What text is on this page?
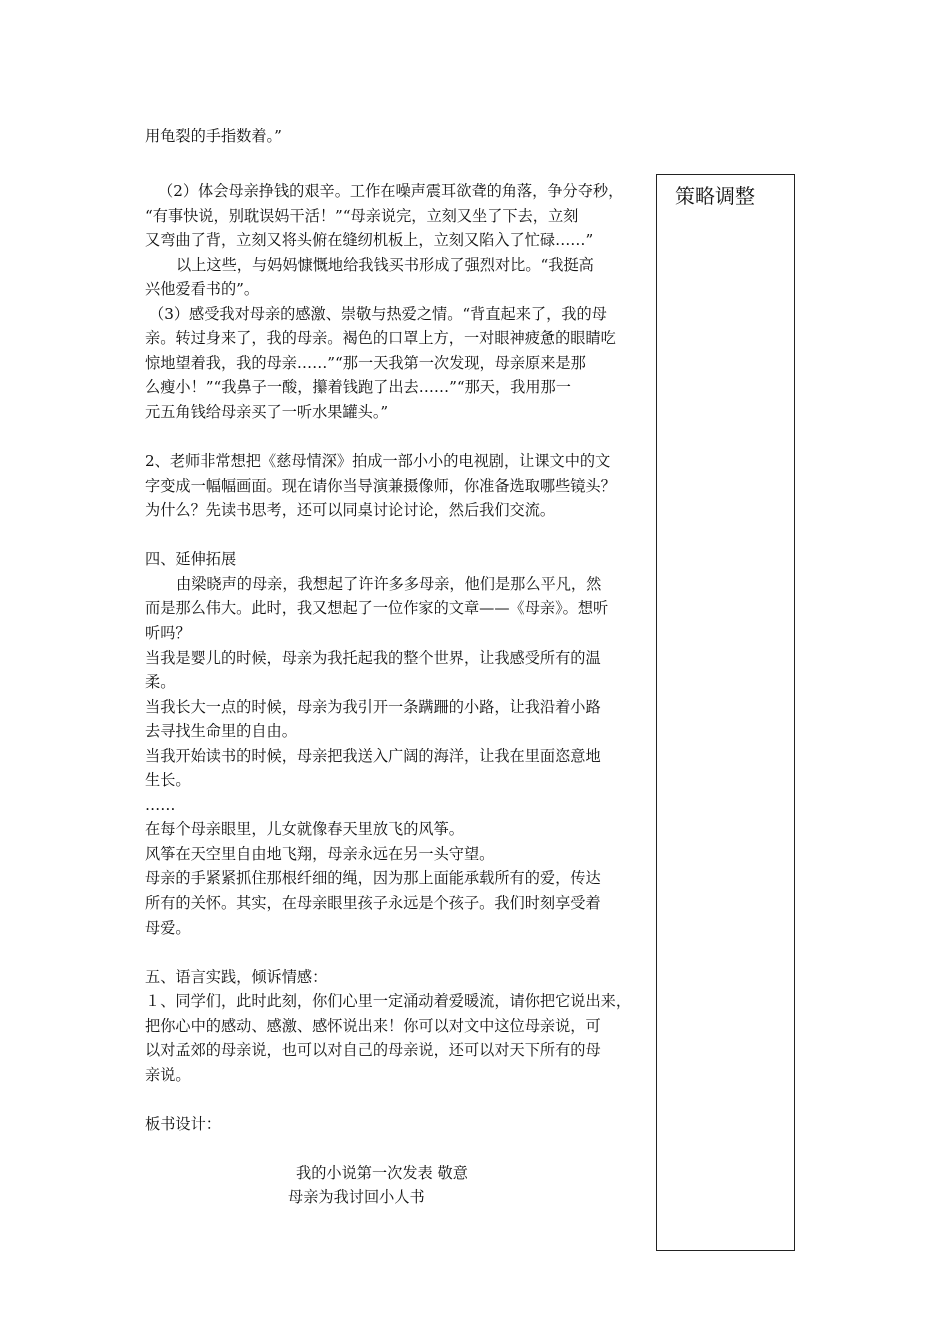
用龟裂的手指数着。”
（2）体会母亲挣钱的艰辛。工作在噪声震耳欲聋的角落，争分夺秒，
“有事快说，别耽误妈干活！”“母亲说完，立刻又坐了下去，立刻
又弯曲了背，立刻又将头俯在缝纫机板上，立刻又陷入了忙碌……”
以上这些，与妈妈慷慨地给我钱买书形成了强烈对比。“我挺高
兴他爱看书的”。
（3）感受我对母亲的感激、崇敬与热爱之情。“背直起来了，我的母
亲。转过身来了，我的母亲。褐色的口罩上方，一对眼神疲惫的眼睛吃
惊地望着我，我的母亲……”“那一天我第一次发现，母亲原来是那
么瘦小！”“我鼻子一酸，攥着钱跑了出去……”“那天，我用那一
元五角钱给母亲买了一听水果罐头。”
2、老师非常想把《慈母情深》拍成一部小小的电视剧，让课文中的文
字变成一幅幅画面。现在请你当导演兼摄像师，你准备选取哪些镜头？
为什么？先读书思考，还可以同桌讨论讨论，然后我们交流。
四、延伸拓展
由梁晓声的母亲，我想起了许许多多母亲，他们是那么平凡，然
而是那么伟大。此时，我又想起了一位作家的文章——《母亲》。想听
听吗？
当我是婴儿的时候，母亲为我托起我的整个世界，让我感受所有的温
柔。
当我长大一点的时候，母亲为我引开一条蹒跚的小路，让我沿着小路
去寻找生命里的自由。
当我开始读书的时候，母亲把我送入广阔的海洋，让我在里面恣意地
生长。
……
在每个母亲眼里，儿女就像春天里放飞的风筝。
风筝在天空里自由地飞翔，母亲永远在另一头守望。
母亲的手紧紧抓住那根纤细的绳，因为那上面能承载所有的爱，传达
所有的关怀。其实，在母亲眼里孩子永远是个孩子。我们时刻享受着
母爱。
五、语言实践，倾诉情感：
１、同学们，此时此刻，你们心里一定涌动着爱暖流，请你把它说出来，
把你心中的感动、感激、感怀说出来！你可以对文中这位母亲说，可
以对孟郊的母亲说，也可以对自己的母亲说，还可以对天下所有的母
亲说。
板书设计：
我的小说第一次发表 敬意
母亲为我讨回小人书
策略调整
